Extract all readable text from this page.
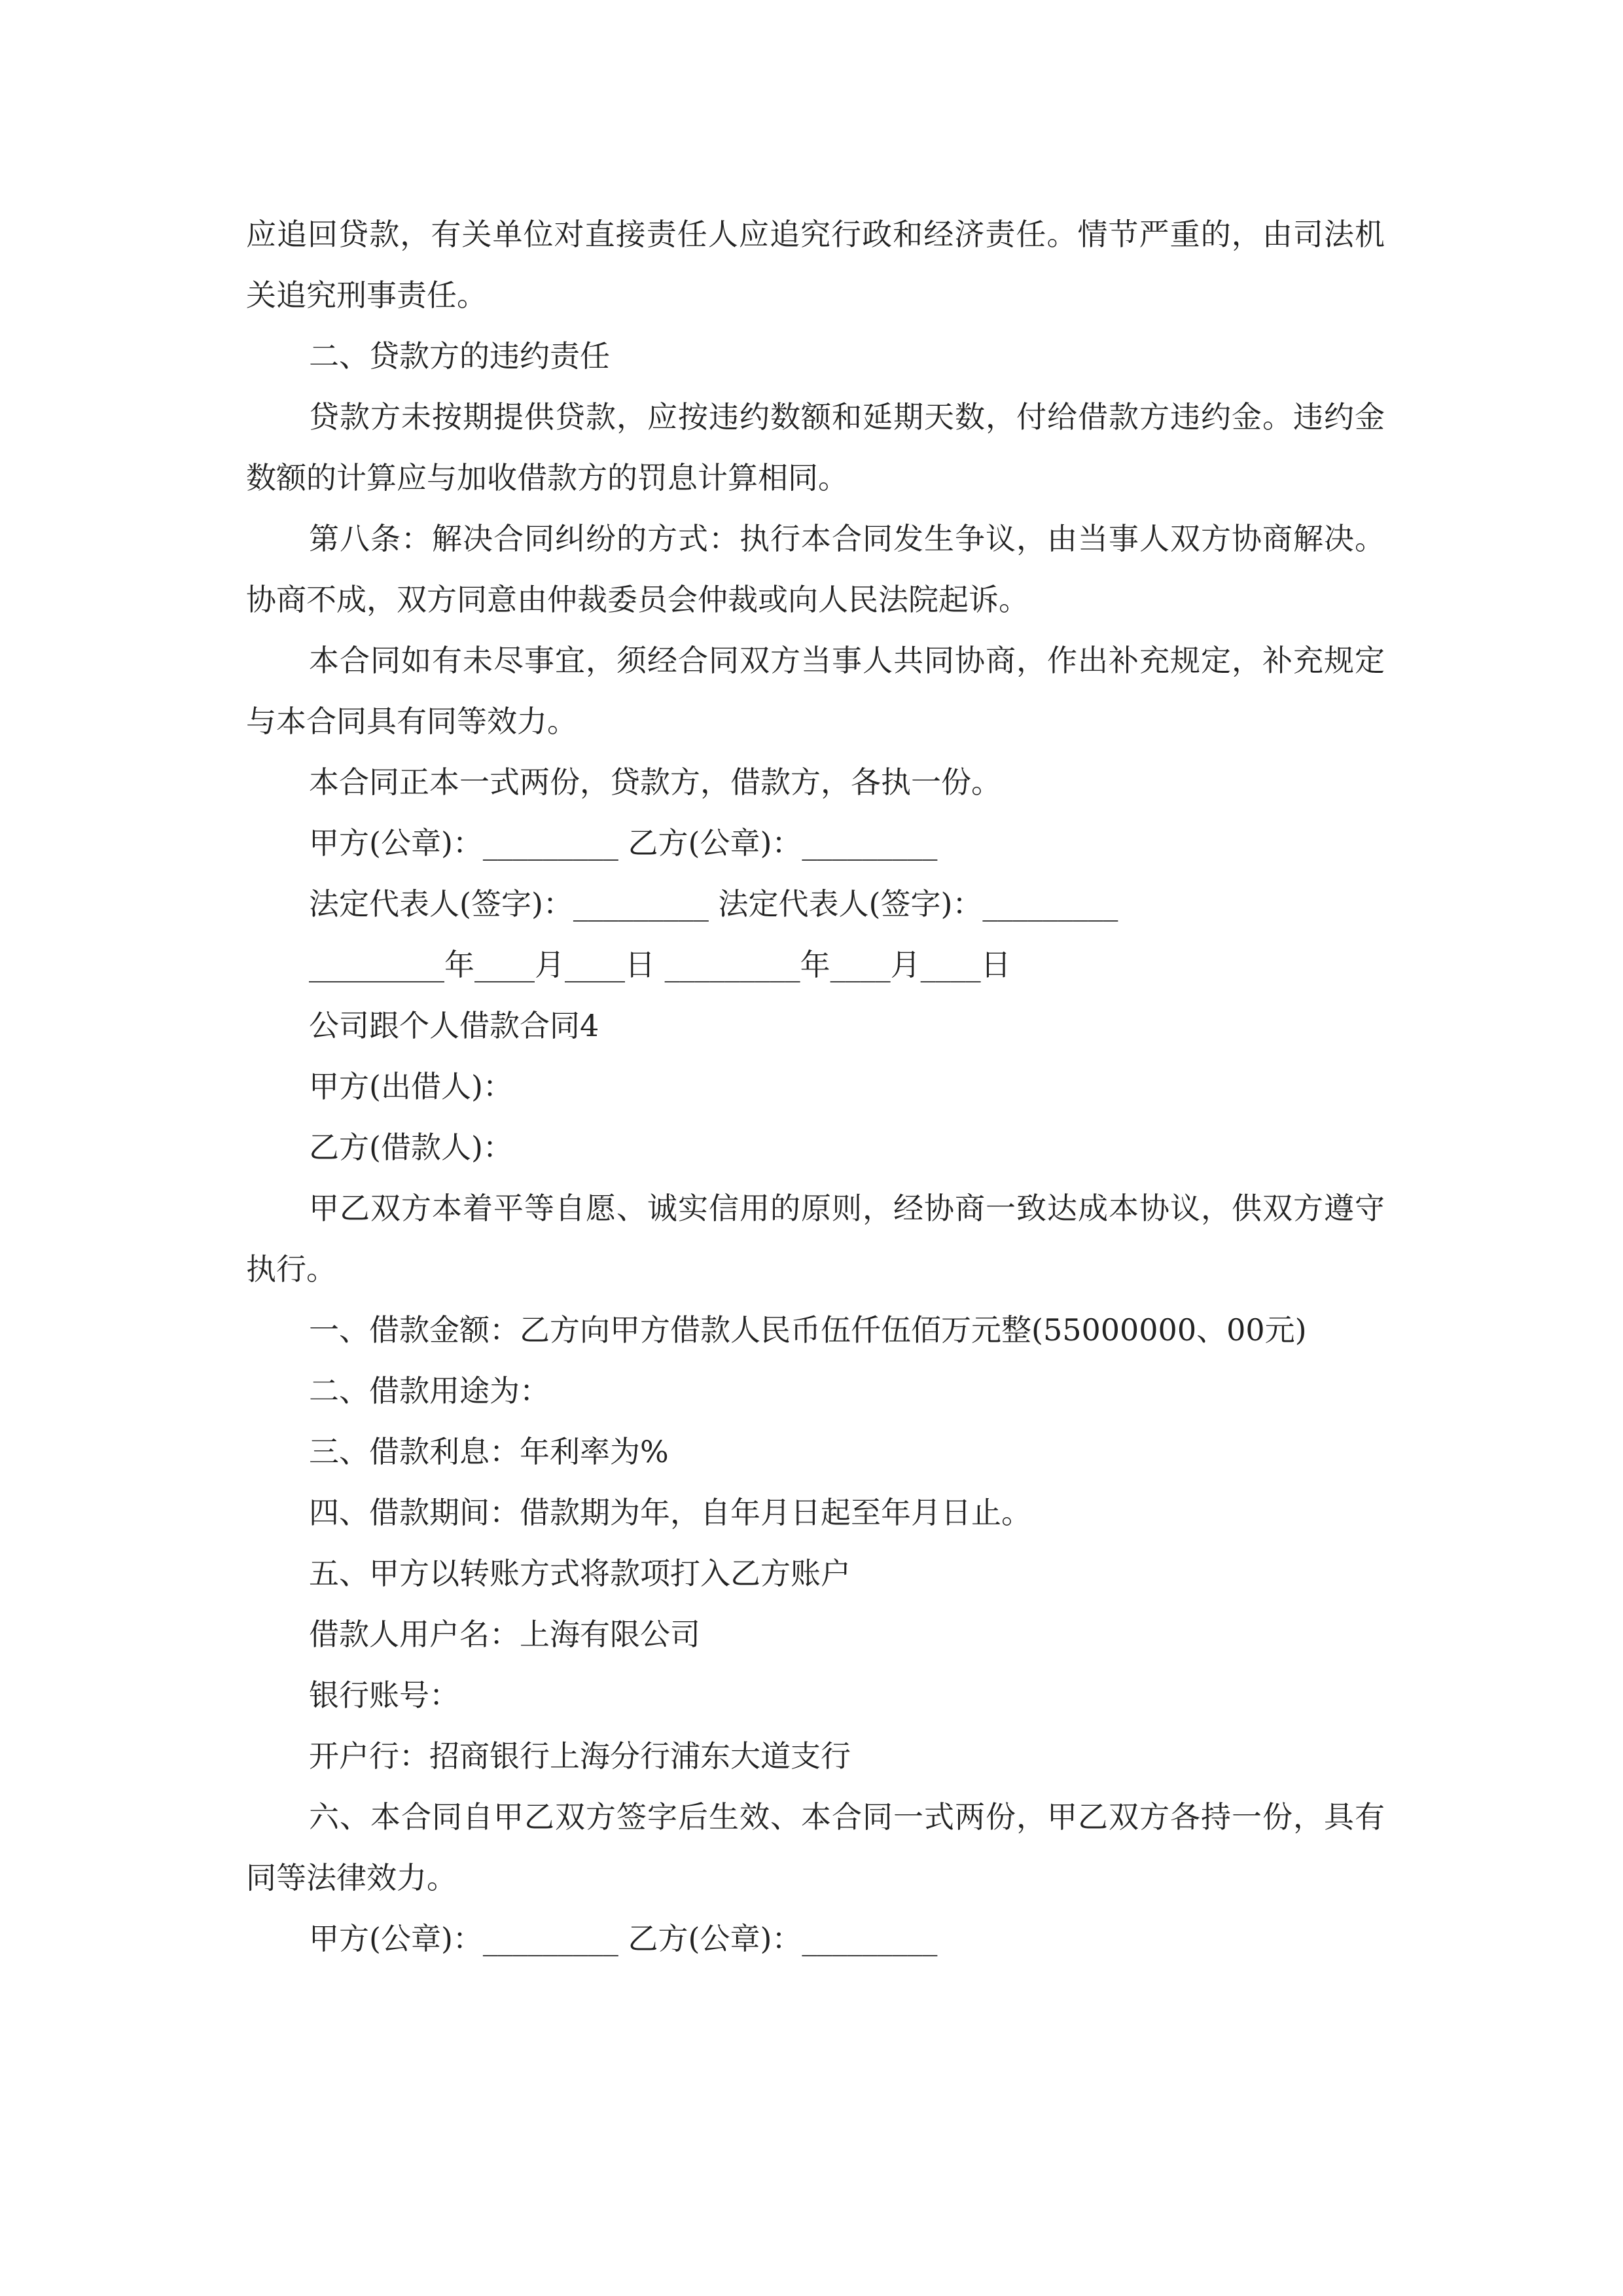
应追回贷款，有关单位对直接责任人应追究行政和经济责任。情节严重的，由司法机关追究刑事责任。

二、贷款方的违约责任

贷款方未按期提供贷款，应按违约数额和延期天数，付给借款方违约金。违约金数额的计算应与加收借款方的罚息计算相同。

第八条：解决合同纠纷的方式：执行本合同发生争议，由当事人双方协商解决。协商不成，双方同意由仲裁委员会仲裁或向人民法院起诉。

本合同如有未尽事宜，须经合同双方当事人共同协商，作出补充规定，补充规定与本合同具有同等效力。

本合同正本一式两份，贷款方，借款方，各执一份。

甲方(公章)：_________ 乙方(公章)：_________

法定代表人(签字)：_________ 法定代表人(签字)：_________

_________年____月____日 _________年____月____日

公司跟个人借款合同4

甲方(出借人)：

乙方(借款人)：

甲乙双方本着平等自愿、诚实信用的原则，经协商一致达成本协议，供双方遵守执行。

一、借款金额：乙方向甲方借款人民币伍仟伍佰万元整(55000000、00元)

二、借款用途为：

三、借款利息：年利率为%

四、借款期间：借款期为年，自年月日起至年月日止。

五、甲方以转账方式将款项打入乙方账户

借款人用户名：上海有限公司

银行账号：

开户行：招商银行上海分行浦东大道支行

六、本合同自甲乙双方签字后生效、本合同一式两份，甲乙双方各持一份，具有同等法律效力。

甲方(公章)：_________ 乙方(公章)：_________
